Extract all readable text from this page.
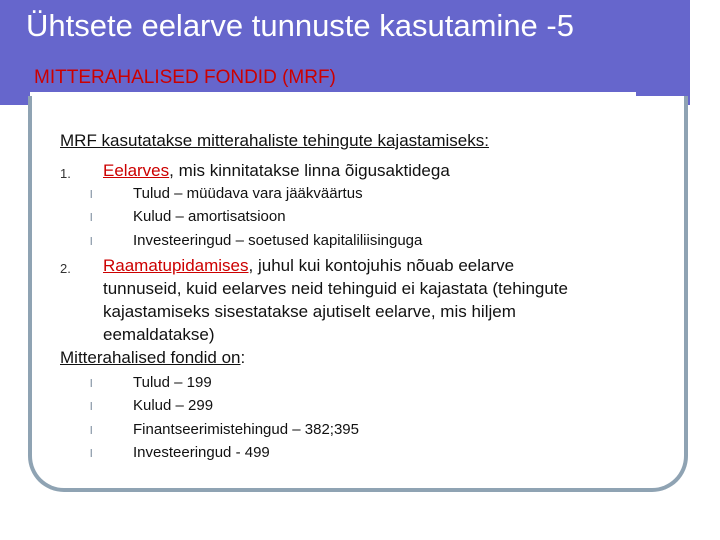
Ühtsete eelarve tunnuste kasutamine -5
MITTERAHALISED FONDID (MRF)
MRF kasutatakse mitterahaliste tehingute kajastamiseks:
1. Eelarves, mis kinnitatakse linna õigusaktidega
l	Tulud – müüdava vara jääkväärtus
l	Kulud – amortisatsioon
l	Investeeringud – soetused kapitaliliisinguga
2. Raamatupidamises, juhul kui kontojuhis nõuab eelarve
tunnuseid, kuid eelarves neid tehinguid ei kajastata (tehingute
kajastamiseks sisestatakse ajutiselt eelarve, mis hiljem
eemaldatakse)
Mitterahalised fondid on:
l	Tulud – 199
l	Kulud – 299
l	Finantseerimistehingud – 382;395
l	Investeeringud - 499
